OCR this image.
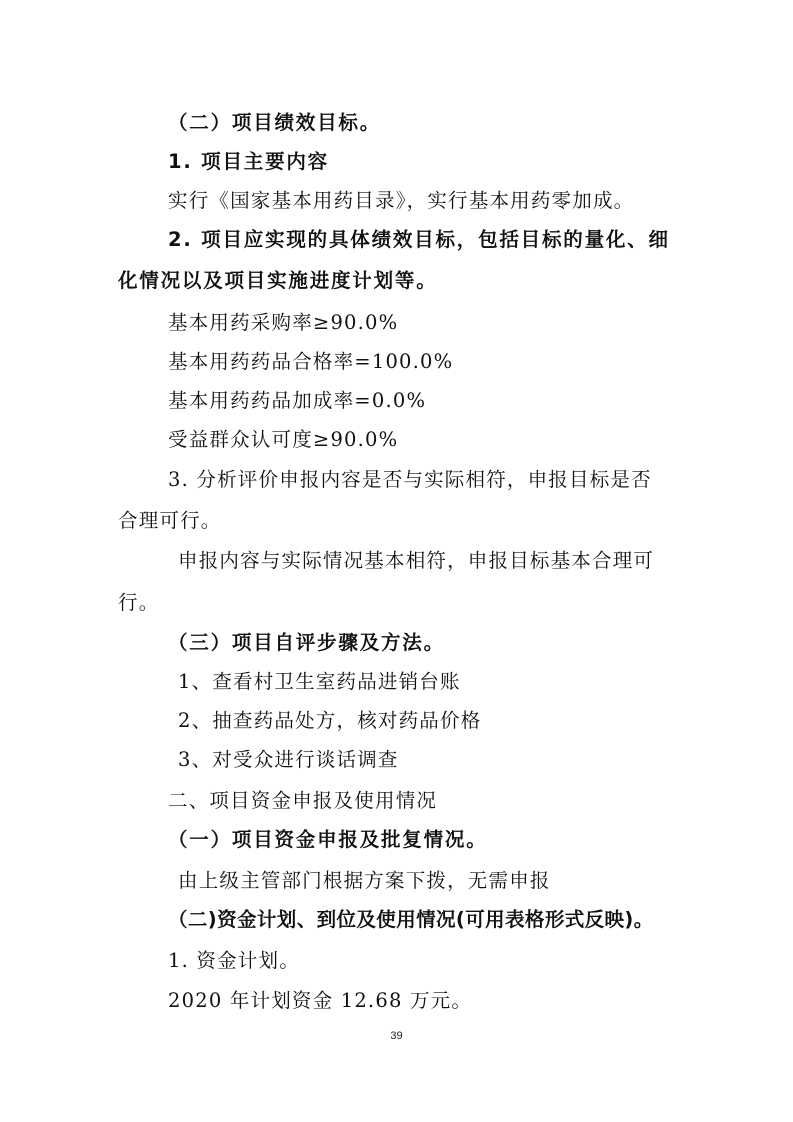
（二）项目绩效目标。
1. 项目主要内容
实行《国家基本用药目录》，实行基本用药零加成。
2. 项目应实现的具体绩效目标，包括目标的量化、细
化情况以及项目实施进度计划等。
基本用药采购率≥90.0%
基本用药药品合格率=100.0%
基本用药药品加成率=0.0%
受益群众认可度≥90.0%
3. 分析评价申报内容是否与实际相符，申报目标是否
合理可行。
申报内容与实际情况基本相符，申报目标基本合理可
行。
（三）项目自评步骤及方法。
1、查看村卫生室药品进销台账
2、抽查药品处方，核对药品价格
3、对受众进行谈话调查
二、项目资金申报及使用情况
（一）项目资金申报及批复情况。
由上级主管部门根据方案下拨，无需申报
（二)资金计划、到位及使用情况(可用表格形式反映)。
1. 资金计划。
2020 年计划资金 12.68 万元。
39
